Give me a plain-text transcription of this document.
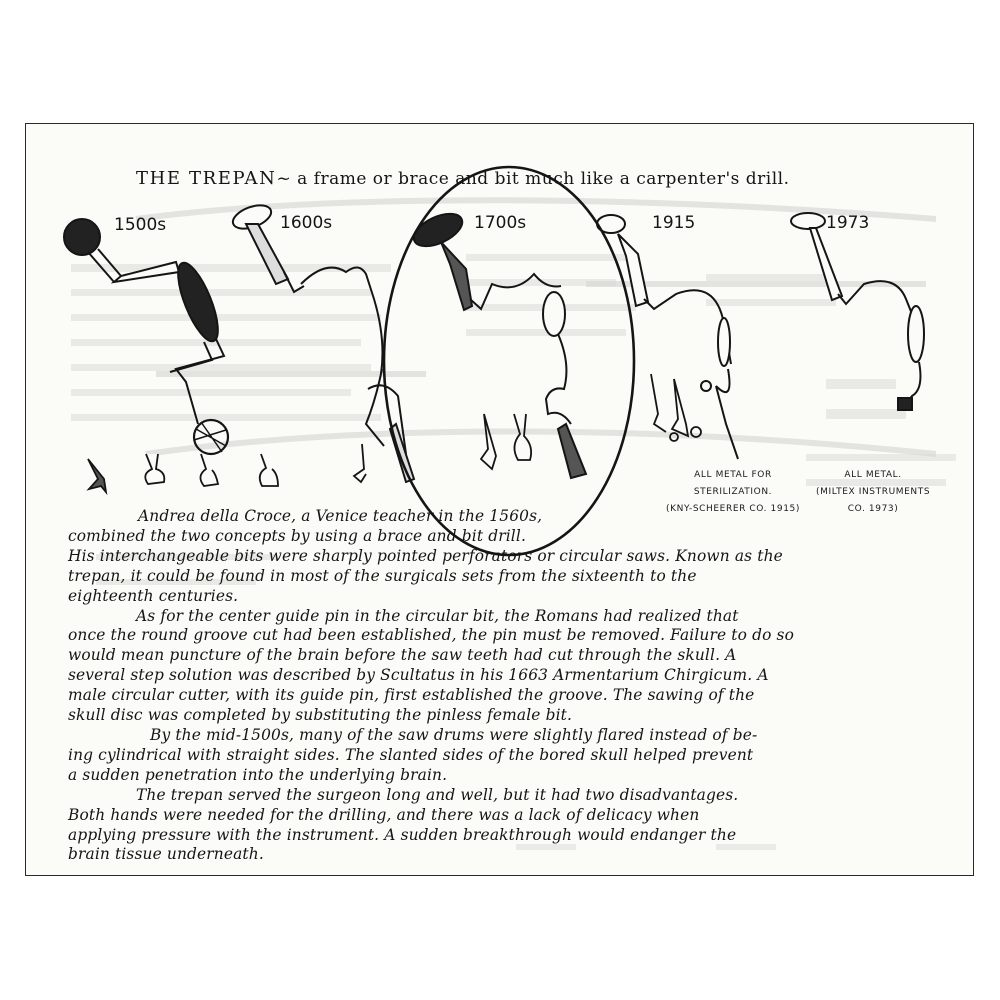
THE TREPAN~ a frame or brace and bit much like a carpenter's drill.
1500s	1600s	1700s	1915	1973
ALL METAL FOR
STERILIZATION.
(KNY-SCHEERER CO. 1915)
ALL METAL.
(MILTEX INSTRUMENTS
CO. 1973)
Andrea della Croce, a Venice teacher in the 1560s,
combined the two concepts by using a brace and bit drill.
His interchangeable bits were sharply pointed perforators or circular saws. Known as the
trepan, it could be found in most of the surgicals sets from the sixteenth to the
eighteenth centuries.
As for the center guide pin in the circular bit, the Romans had realized that
once the round groove cut had been established, the pin must be removed. Failure to do so
would mean puncture of the brain before the saw teeth had cut through the skull. A
several step solution was described by Scultatus in his 1663 Armentarium Chirgicum. A
male circular cutter, with its guide pin, first established the groove. The sawing of the
skull disc was completed by substituting the pinless female bit.
By the mid-1500s, many of the saw drums were slightly flared instead of be-
ing cylindrical with straight sides. The slanted sides of the bored skull helped prevent
a sudden penetration into the underlying brain.
The trepan served the surgeon long and well, but it had two disadvantages.
Both hands were needed for the drilling, and there was a lack of delicacy when
applying pressure with the instrument. A sudden breakthrough would endanger the
brain tissue underneath.
